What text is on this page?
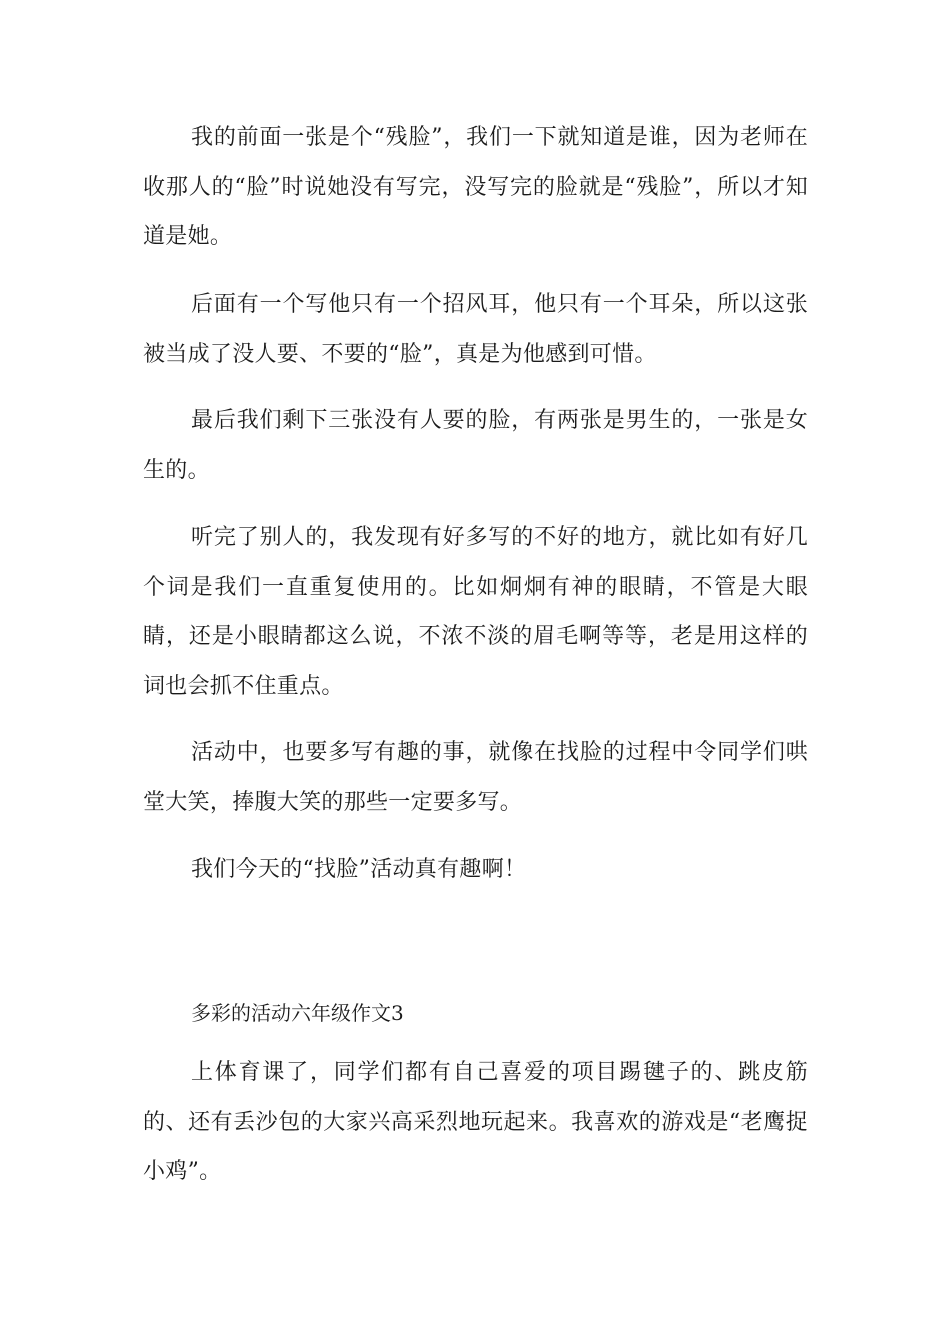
我的前面一张是个“残脸”，我们一下就知道是谁，因为老师在收那人的“脸”时说她没有写完，没写完的脸就是“残脸”，所以才知道是她。

后面有一个写他只有一个招风耳，他只有一个耳朵，所以这张被当成了没人要、不要的“脸”，真是为他感到可惜。

最后我们剩下三张没有人要的脸，有两张是男生的，一张是女生的。

听完了别人的，我发现有好多写的不好的地方，就比如有好几个词是我们一直重复使用的。比如炯炯有神的眼睛，不管是大眼睛，还是小眼睛都这么说，不浓不淡的眉毛啊等等，老是用这样的词也会抓不住重点。

活动中，也要多写有趣的事，就像在找脸的过程中令同学们哄堂大笑，捧腹大笑的那些一定要多写。

我们今天的“找脸”活动真有趣啊！

多彩的活动六年级作文3

上体育课了，同学们都有自己喜爱的项目踢毽子的、跳皮筋的、还有丢沙包的大家兴高采烈地玩起来。我喜欢的游戏是“老鹰捉小鸡”。
